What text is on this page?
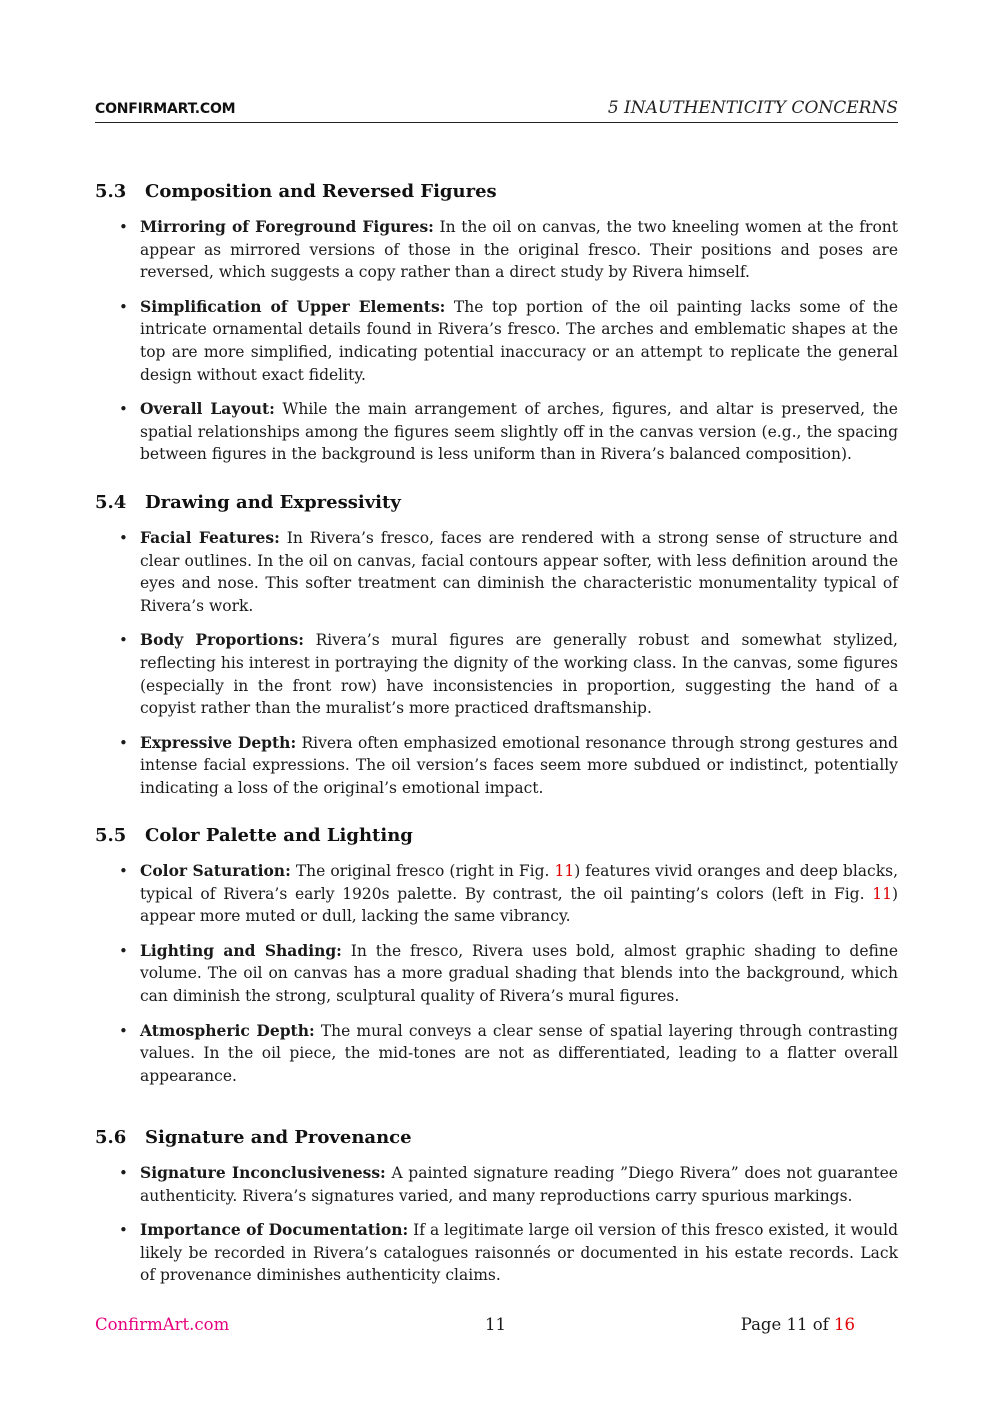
CONFIRMART.COM	5 INAUTHENTICITY CONCERNS
5.3 Composition and Reversed Figures
• Mirroring of Foreground Figures: In the oil on canvas, the two kneeling women at the front appear as mirrored versions of those in the original fresco. Their positions and poses are reversed, which suggests a copy rather than a direct study by Rivera himself.
• Simplification of Upper Elements: The top portion of the oil painting lacks some of the intricate ornamental details found in Rivera’s fresco. The arches and emblematic shapes at the top are more simplified, indicating potential inaccuracy or an attempt to replicate the general design without exact fidelity.
• Overall Layout: While the main arrangement of arches, figures, and altar is preserved, the spatial relationships among the figures seem slightly off in the canvas version (e.g., the spacing between figures in the background is less uniform than in Rivera’s balanced composition).
5.4 Drawing and Expressivity
• Facial Features: In Rivera’s fresco, faces are rendered with a strong sense of structure and clear outlines. In the oil on canvas, facial contours appear softer, with less definition around the eyes and nose. This softer treatment can diminish the characteristic monumentality typical of Rivera’s work.
• Body Proportions: Rivera’s mural figures are generally robust and somewhat stylized, reflecting his interest in portraying the dignity of the working class. In the canvas, some figures (especially in the front row) have inconsistencies in proportion, suggesting the hand of a copyist rather than the muralist’s more practiced draftsmanship.
• Expressive Depth: Rivera often emphasized emotional resonance through strong gestures and intense facial expressions. The oil version’s faces seem more subdued or indistinct, potentially indicating a loss of the original’s emotional impact.
5.5 Color Palette and Lighting
• Color Saturation: The original fresco (right in Fig. 11) features vivid oranges and deep blacks, typical of Rivera’s early 1920s palette. By contrast, the oil painting’s colors (left in Fig. 11) appear more muted or dull, lacking the same vibrancy.
• Lighting and Shading: In the fresco, Rivera uses bold, almost graphic shading to define volume. The oil on canvas has a more gradual shading that blends into the background, which can diminish the strong, sculptural quality of Rivera’s mural figures.
• Atmospheric Depth: The mural conveys a clear sense of spatial layering through contrasting values. In the oil piece, the mid-tones are not as differentiated, leading to a flatter overall appearance.
5.6 Signature and Provenance
• Signature Inconclusiveness: A painted signature reading ”Diego Rivera” does not guarantee authenticity. Rivera’s signatures varied, and many reproductions carry spurious markings.
• Importance of Documentation: If a legitimate large oil version of this fresco existed, it would likely be recorded in Rivera’s catalogues raisonnés or documented in his estate records. Lack of provenance diminishes authenticity claims.
ConfirmArt.com	11	Page 11 of 16
